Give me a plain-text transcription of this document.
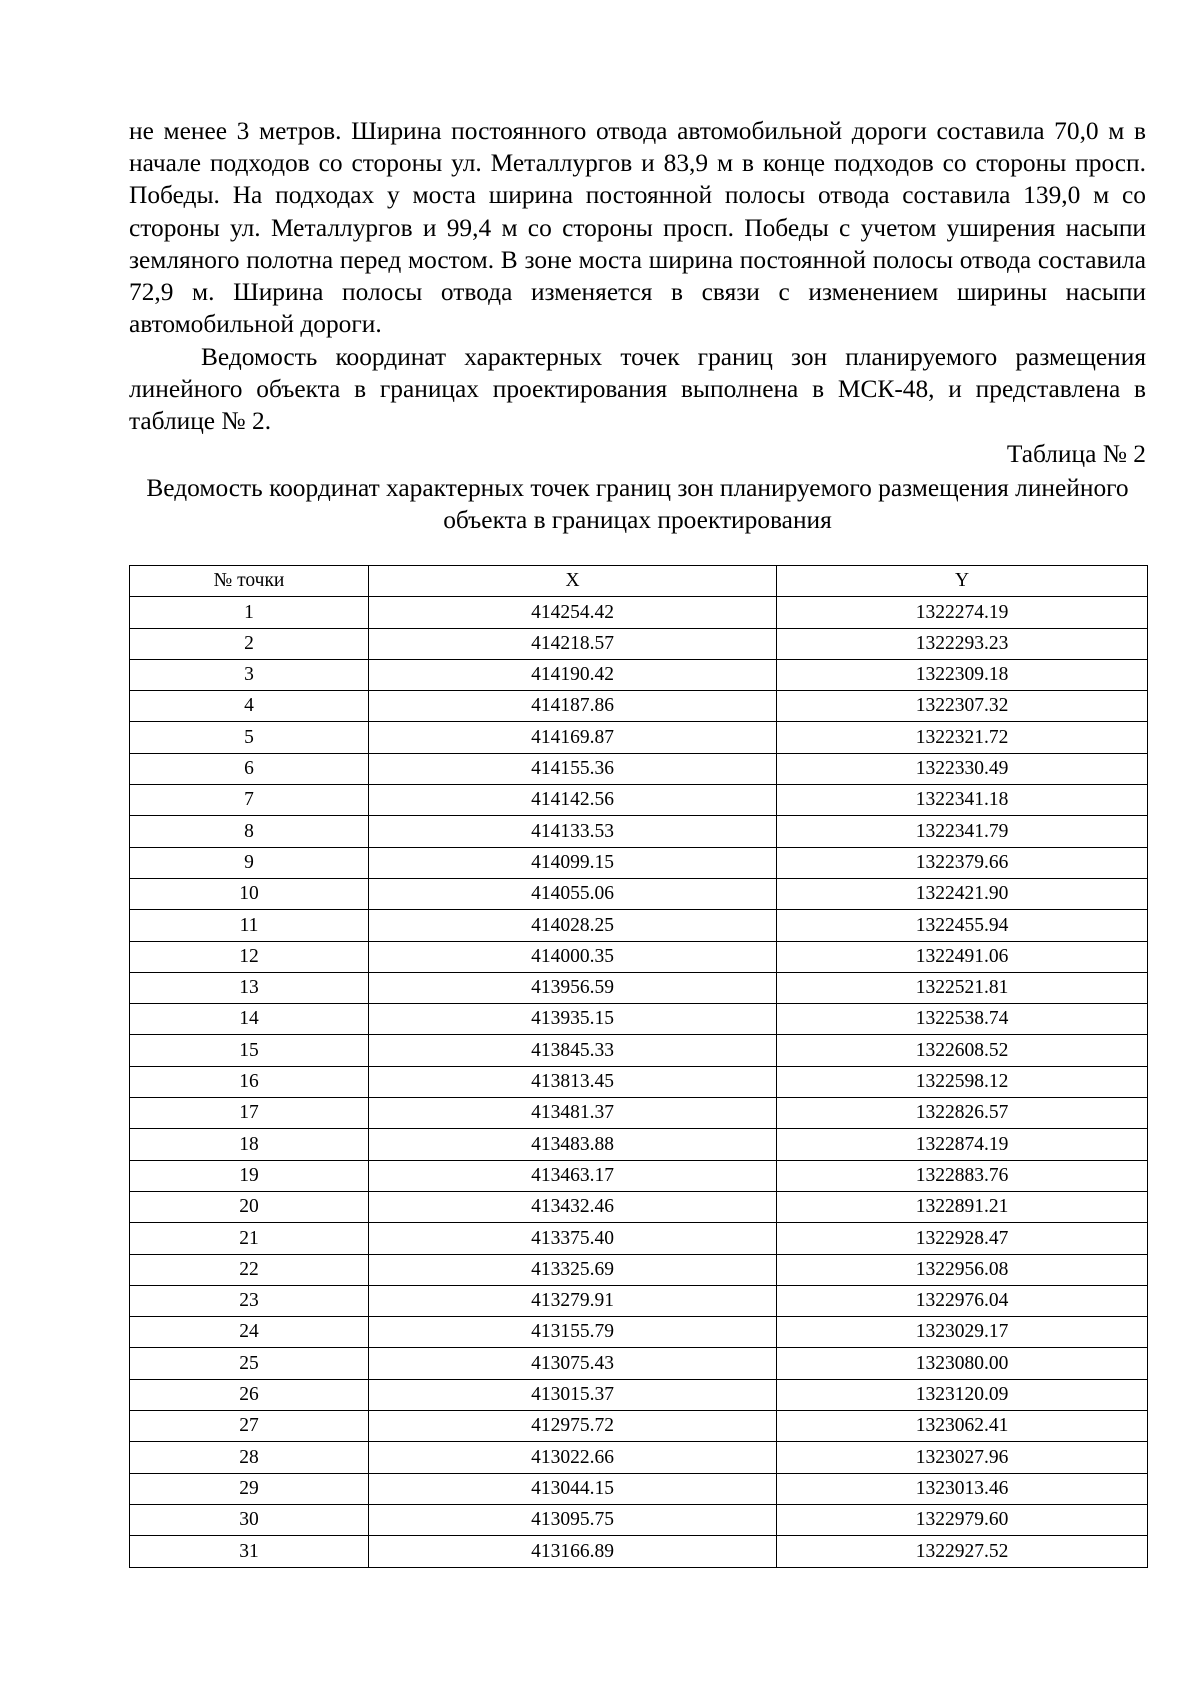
не менее 3 метров. Ширина постоянного отвода автомобильной дороги составила 70,0 м в начале подходов со стороны ул. Металлургов и 83,9 м в конце подходов со стороны просп. Победы. На подходах у моста ширина постоянной полосы отвода составила 139,0 м со стороны ул. Металлургов и 99,4 м со стороны просп. Победы с учетом уширения насыпи земляного полотна перед мостом. В зоне моста ширина постоянной полосы отвода составила 72,9 м. Ширина полосы отвода изменяется в связи с изменением ширины насыпи автомобильной дороги.

Ведомость координат характерных точек границ зон планируемого размещения линейного объекта в границах проектирования выполнена в МСК-48, и представлена в таблице № 2.

Таблица № 2
Ведомость координат характерных точек границ зон планируемого размещения линейного объекта в границах проектирования
№ точки	X	Y
1	414254.42	1322274.19
2	414218.57	1322293.23
3	414190.42	1322309.18
4	414187.86	1322307.32
5	414169.87	1322321.72
6	414155.36	1322330.49
7	414142.56	1322341.18
8	414133.53	1322341.79
9	414099.15	1322379.66
10	414055.06	1322421.90
11	414028.25	1322455.94
12	414000.35	1322491.06
13	413956.59	1322521.81
14	413935.15	1322538.74
15	413845.33	1322608.52
16	413813.45	1322598.12
17	413481.37	1322826.57
18	413483.88	1322874.19
19	413463.17	1322883.76
20	413432.46	1322891.21
21	413375.40	1322928.47
22	413325.69	1322956.08
23	413279.91	1322976.04
24	413155.79	1323029.17
25	413075.43	1323080.00
26	413015.37	1323120.09
27	412975.72	1323062.41
28	413022.66	1323027.96
29	413044.15	1323013.46
30	413095.75	1322979.60
31	413166.89	1322927.52
